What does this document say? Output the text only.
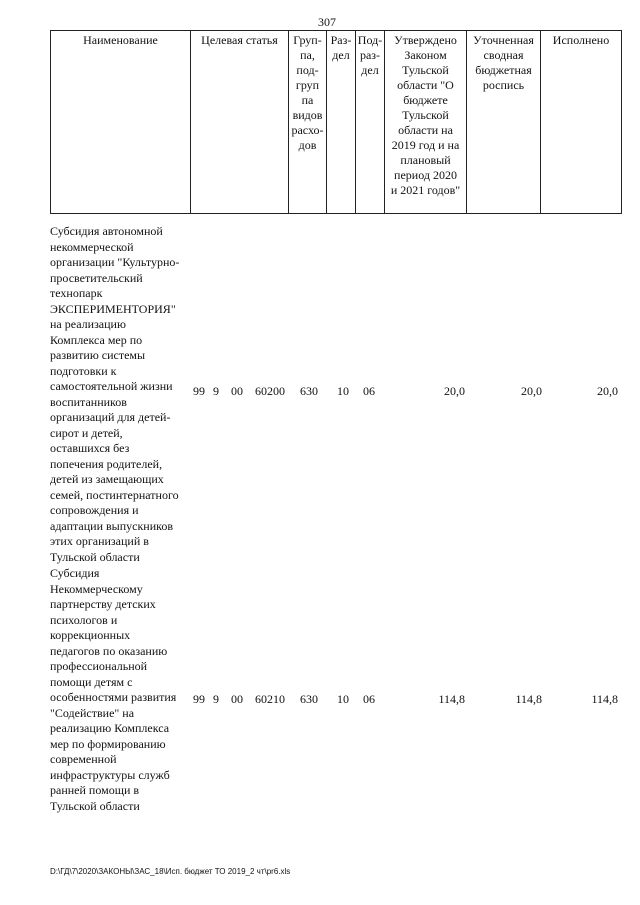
307
Наименование	Целевая статья	Груп-
па,
под-
груп
па
видов
расхо-
дов	Раз-
дел	Под-
раз-
дел	Утверждено
Законом
Тульской
области "О
бюджете
Тульской
области на
2019 год и на
плановый
период 2020
и 2021 годов"	Уточненная
сводная
бюджетная
роспись	Исполнено
Субсидия автономной
некоммерческой
организации "Культурно-
просветительский
технопарк
ЭКСПЕРИМЕНТОРИЯ"
на реализацию
Комплекса мер по
развитию системы
подготовки к
самостоятельной жизни
воспитанников
организаций для детей-
сирот и детей,
оставшихся без
попечения родителей,
детей из замещающих
семей, постинтернатного
сопровождения и
адаптации выпускников
этих организаций в
Тульской области
99 9 00 60200 630 10 06	20,0	20,0	20,0
Субсидия
Некоммерческому
партнерству детских
психологов и
коррекционных
педагогов по оказанию
профессиональной
помощи детям с
особенностями развития
"Содействие" на
реализацию Комплекса
мер по формированию
современной
инфраструктуры служб
ранней помощи в
Тульской области
99 9 00 60210 630 10 06	114,8	114,8	114,8
D:\ГД\7\2020\ЗАКОНЫ\ЗАС_18\Исп. бюджет ТО 2019_2 чт\pr6.xls
